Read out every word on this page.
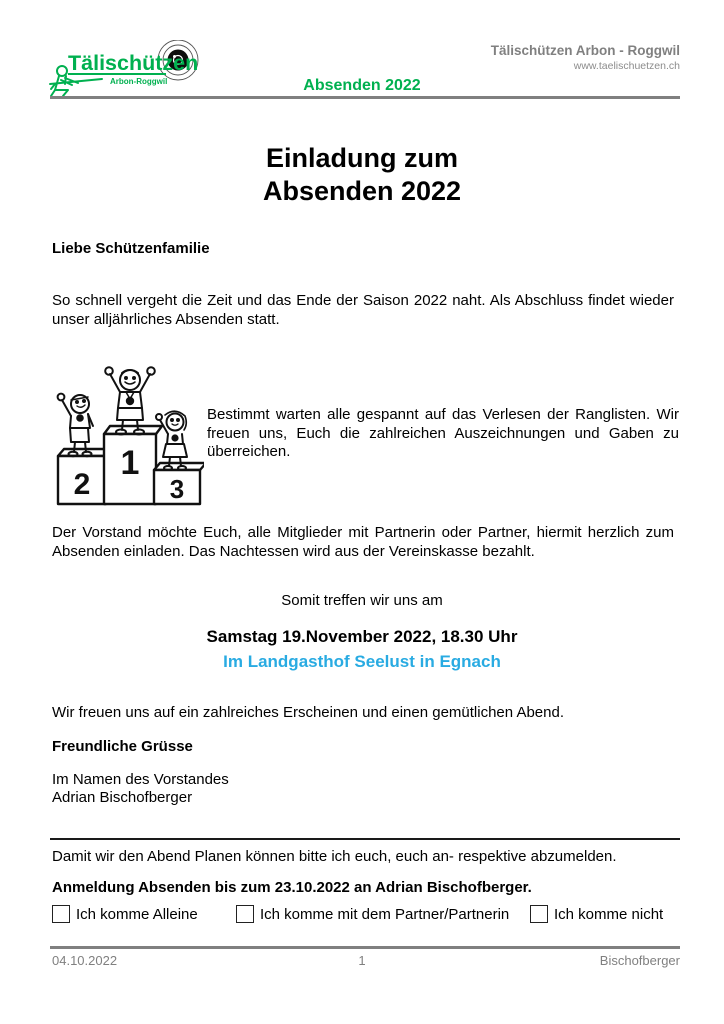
Tälischützen
Arbon-Roggwil
Tälischützen Arbon - Roggwil
www.taelischuetzen.ch
Absenden 2022
Einladung zum
Absenden 2022
Liebe Schützenfamilie
So schnell vergeht die Zeit und das Ende der Saison 2022 naht. Als Abschluss findet wieder unser alljährliches Absenden statt.
2
1
3
Bestimmt warten alle gespannt auf das Verlesen der Ranglisten. Wir freuen uns, Euch die zahlreichen Auszeichnungen und Gaben zu überreichen.
Der Vorstand möchte Euch, alle Mitglieder mit Partnerin oder Partner, hiermit herzlich zum Absenden einladen. Das Nachtessen wird aus der Vereinskasse bezahlt.
Somit treffen wir uns am
Samstag 19.November 2022, 18.30 Uhr
Im Landgasthof Seelust in Egnach
Wir freuen uns auf ein zahlreiches Erscheinen und einen gemütlichen Abend.
Freundliche Grüsse
Im Namen des Vorstandes
Adrian Bischofberger
Damit wir den Abend Planen können bitte ich euch, euch an- respektive abzumelden.
Anmeldung Absenden bis zum 23.10.2022 an Adrian Bischofberger.
Ich komme Alleine	Ich komme mit dem Partner/Partnerin	Ich komme nicht
04.10.2022	1	Bischofberger
